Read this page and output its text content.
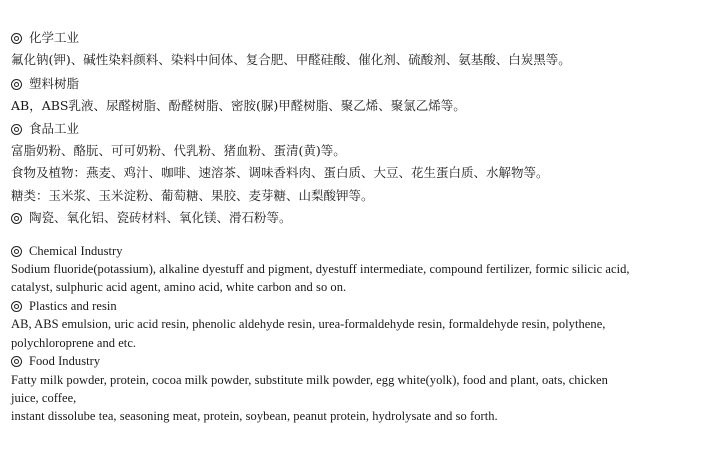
化学工业
氟化钠(钾)、碱性染料颜料、染料中间体、复合肥、甲醛硅酸、催化剂、硫酸剂、氨基酸、白炭黑等。
塑料树脂
AB，ABS乳液、尿醛树脂、酚醛树脂、密胺(脲)甲醛树脂、聚乙烯、聚氯乙烯等。
食品工业
富脂奶粉、酪朊、可可奶粉、代乳粉、猪血粉、蛋清(黄)等。
食物及植物：燕麦、鸡汁、咖啡、速溶茶、调味香料肉、蛋白质、大豆、花生蛋白质、水解物等。
糖类：玉米浆、玉米淀粉、葡萄糖、果胶、麦芽糖、山梨酸钾等。
陶瓷、氧化铝、瓷砖材料、氧化镁、滑石粉等。
Chemical Industry
Sodium fluoride(potassium), alkaline dyestuff and pigment, dyestuff intermediate, compound fertilizer, formic silicic acid,
catalyst, sulphuric acid agent, amino acid, white carbon and so on.
Plastics and resin
AB, ABS emulsion, uric acid resin, phenolic aldehyde resin, urea-formaldehyde resin, formaldehyde resin, polythene,
polychloroprene and etc.
Food Industry
Fatty milk powder, protein, cocoa milk powder, substitute milk powder, egg white(yolk), food and plant, oats, chicken
juice, coffee,
instant dissolube tea, seasoning meat, protein, soybean, peanut protein, hydrolysate and so forth.
